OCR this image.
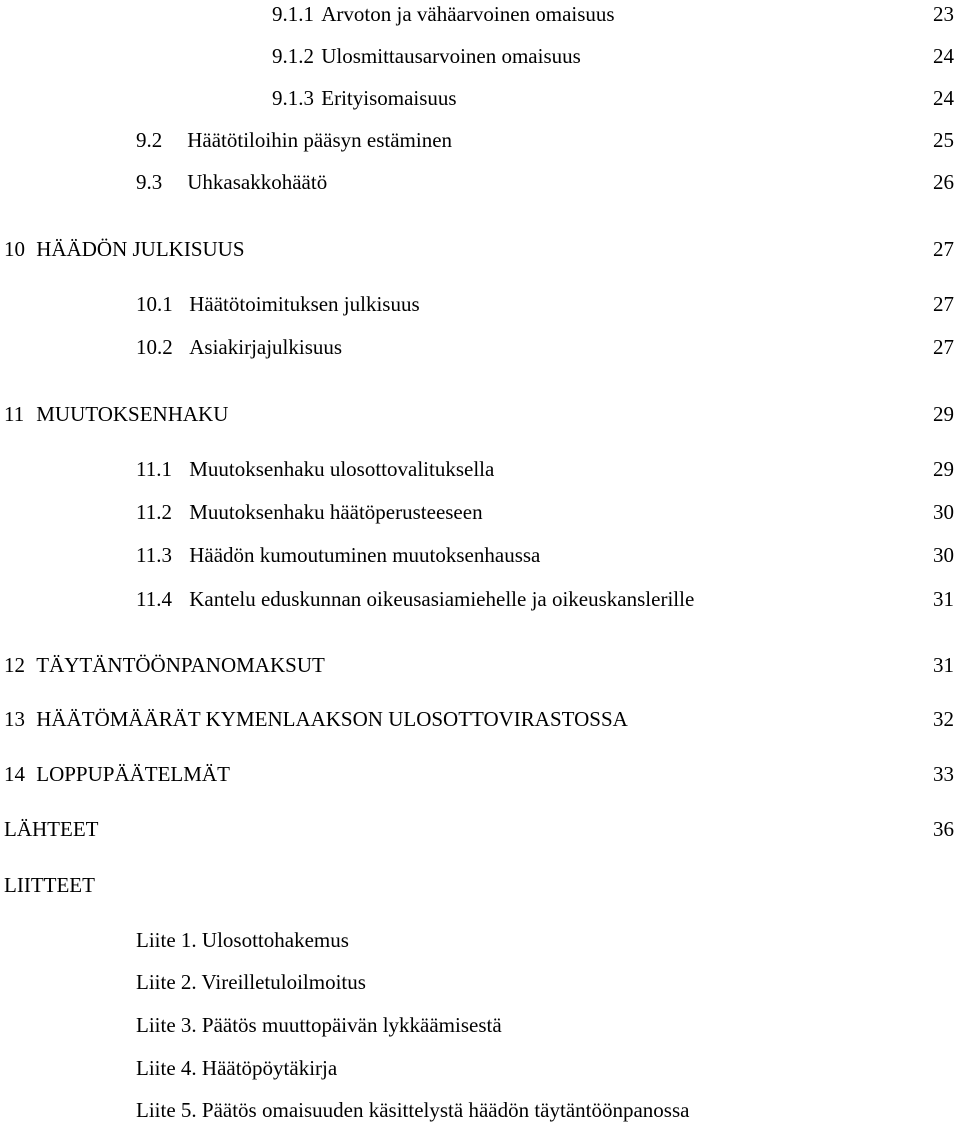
9.1.1 Arvoton ja vähäarvoinen omaisuus	23
9.1.2 Ulosmittausarvoinen omaisuus	24
9.1.3 Erityisomaisuus	24
9.2 Häätötiloihin pääsyn estäminen	25
9.3 Uhkasakkohäätö	26
10 HÄÄDÖN JULKISUUS	27
10.1 Häätötoimituksen julkisuus	27
10.2 Asiakirjajulkisuus	27
11 MUUTOKSENHAKU	29
11.1 Muutoksenhaku ulosottovalituksella	29
11.2 Muutoksenhaku häätöperusteeseen	30
11.3 Häädön kumoutuminen muutoksenhaussa	30
11.4 Kantelu eduskunnan oikeusasiamiehelle ja oikeuskanslerille	31
12 TÄYTÄNTÖÖNPANOMAKSUT	31
13 HÄÄTÖMÄÄRÄT KYMENLAAKSON ULOSOTTOVIRASTOSSA	32
14 LOPPUPÄÄTELMÄT	33
LÄHTEET	36
LIITTEET
Liite 1. Ulosottohakemus
Liite 2. Vireilletuloilmoitus
Liite 3. Päätös muuttopäivän lykkäämisestä
Liite 4. Häätöpöytäkirja
Liite 5. Päätös omaisuuden käsittelystä häädön täytäntöönpanossa
